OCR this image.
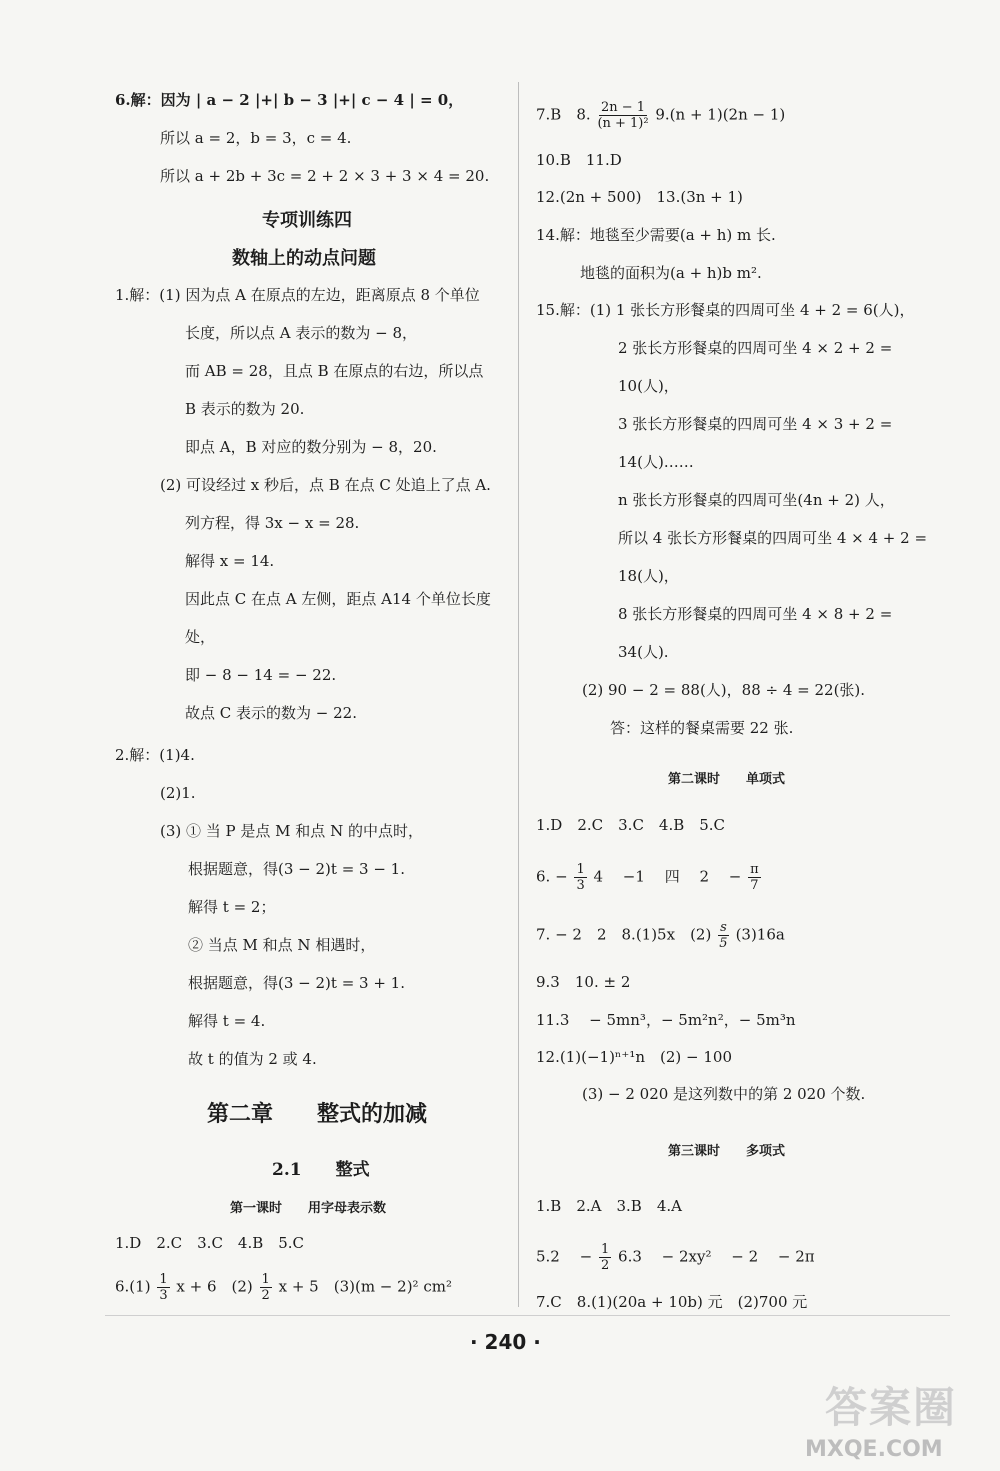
6.解：因为 | a − 2 |+| b − 3 |+| c − 4 | = 0，
所以 a = 2，b = 3，c = 4.
所以 a + 2b + 3c = 2 + 2 × 3 + 3 × 4 = 20.
专项训练四
数轴上的动点问题
1.解：(1) 因为点 A 在原点的左边，距离原点 8 个单位
长度，所以点 A 表示的数为 − 8，
而 AB = 28，且点 B 在原点的右边，所以点
B 表示的数为 20.
即点 A，B 对应的数分别为 − 8，20.
(2) 可设经过 x 秒后，点 B 在点 C 处追上了点 A.
列方程，得 3x − x = 28.
解得 x = 14.
因此点 C 在点 A 左侧，距点 A14 个单位长度
处，
即 − 8 − 14 = − 22.
故点 C 表示的数为 − 22.
2.解：(1)4.
(2)1.
(3) ① 当 P 是点 M 和点 N 的中点时，
根据题意，得(3 − 2)t = 3 − 1.
解得 t = 2；
② 当点 M 和点 N 相遇时，
根据题意，得(3 − 2)t = 3 + 1.
解得 t = 4.
故 t 的值为 2 或 4.
第二章　　整式的加减
2.1　　整式
第一课时　　用字母表示数
1.D　2.C　3.C　4.B　5.C
$6.(1) \frac{1}{3}$ x + 6　$(2) \frac{1}{2}$ x + 5　(3)(m − 2)² cm²
7.B　8. $\frac{2n - 1}{\text{(n + 1)²}} 9.(n + 1)(2n - 1)$
10.B　11.D
12.(2n + 500)　13.(3n + 1)
14.解：地毯至少需要(a + h) m 长.
地毯的面积为(a + h)b m².
15.解：(1) 1 张长方形餐桌的四周可坐 4 + 2 = 6(人)，
2 张长方形餐桌的四周可坐 4 × 2 + 2 =
10(人)，
3 张长方形餐桌的四周可坐 4 × 3 + 2 =
14(人)……
n 张长方形餐桌的四周可坐(4n + 2) 人，
所以 4 张长方形餐桌的四周可坐 4 × 4 + 2 =
18(人)，
8 张长方形餐桌的四周可坐 4 × 8 + 2 =
34(人).
(2) 90 − 2 = 88(人)，88 ÷ 4 = 22(张).
答：这样的餐桌需要 22 张.
第二课时　　单项式
1.D　2.C　3.C　4.B　5.C
6. − $\frac{1}{3} 4$　 −1　 四　 2　 − $\frac{\pi}{7}$
7. − 2　2　8.(1)5x　$(2) \frac{s}{5} (3)16a$
9.3　10. ± 2
11.3　 − 5mn³，− 5m²n²，− 5m³n
12.(1)(−1)ⁿ⁺¹n　(2) − 100
(3) − 2 020 是这列数中的第 2 020 个数.
第三课时　　多项式
1.B　2.A　3.B　4.A
5.2　 − $\frac{1}{2} 6.3$　 − 2xy²　 − 2　 − 2π
7.C　8.(1)(20a + 10b) 元　(2)700 元
· 240 ·
答案圈
MXQE.COM
